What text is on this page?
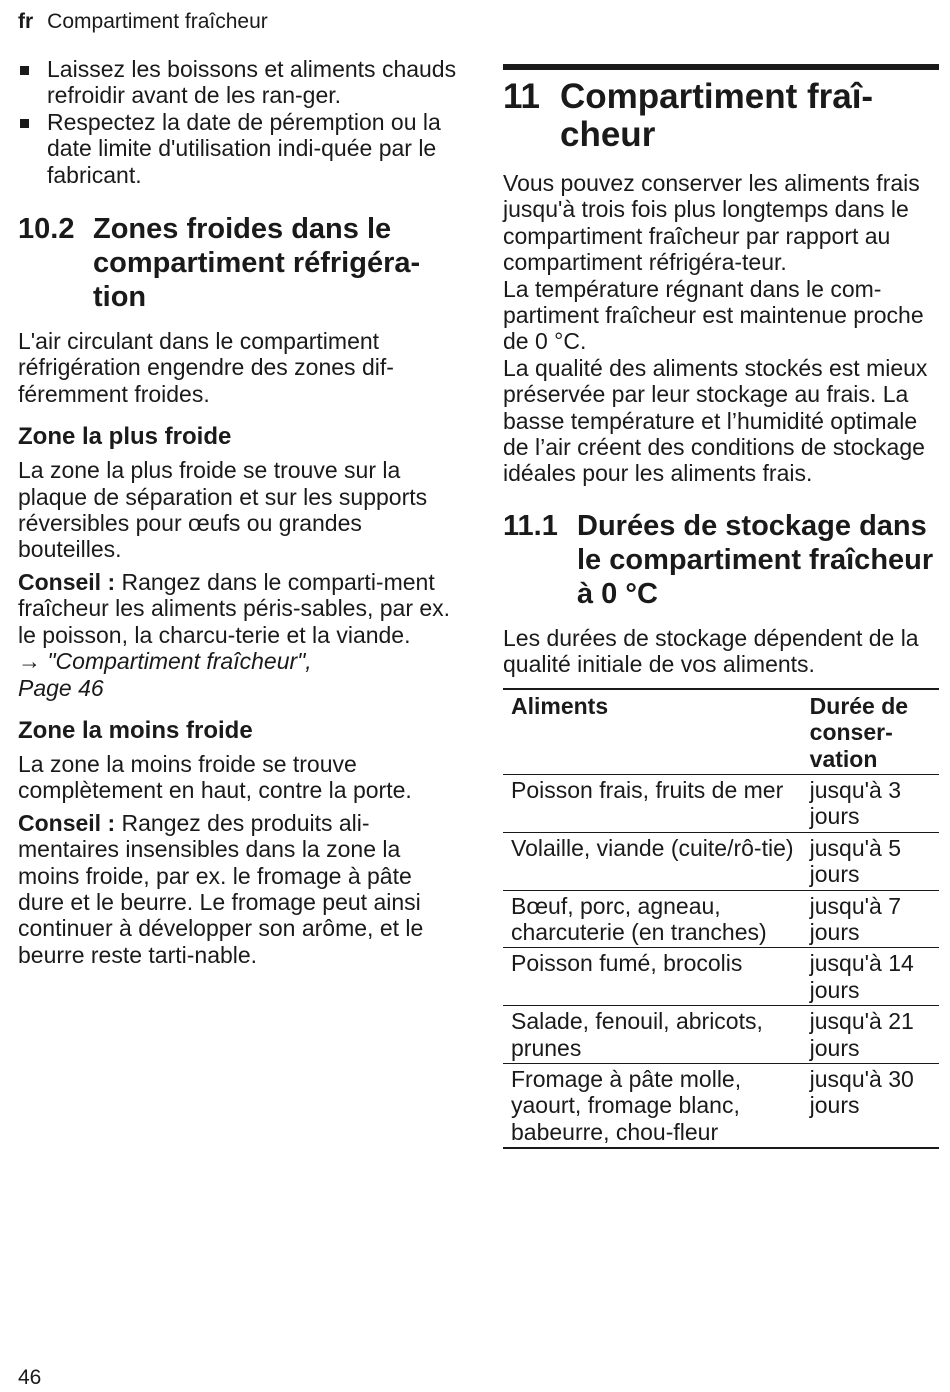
fr Compartiment fraîcheur
Laissez les boissons et aliments chauds refroidir avant de les ran-ger.
Respectez la date de péremption ou la date limite d'utilisation indi-quée par le fabricant.
10.2 Zones froides dans le compartiment réfrigéra-tion

L'air circulant dans le compartiment réfrigération engendre des zones dif-féremment froides.

Zone la plus froide

La zone la plus froide se trouve sur la plaque de séparation et sur les supports réversibles pour œufs ou grandes bouteilles.

Conseil : Rangez dans le comparti-ment fraîcheur les aliments péris-sables, par ex. le poisson, la charcu-terie et la viande.

→ "Compartiment fraîcheur",

Page 46

Zone la moins froide

La zone la moins froide se trouve complètement en haut, contre la porte.

Conseil : Rangez des produits ali-mentaires insensibles dans la zone la moins froide, par ex. le fromage à pâte dure et le beurre. Le fromage peut ainsi continuer à développer son arôme, et le beurre reste tarti-nable.

11 Compartiment fraî-cheur

Vous pouvez conserver les aliments frais jusqu'à trois fois plus longtemps dans le compartiment fraîcheur par rapport au compartiment réfrigéra-teur.

La température régnant dans le com-partiment fraîcheur est maintenue proche de 0 °C.

La qualité des aliments stockés est mieux préservée par leur stockage au frais. La basse température et l’humidité optimale de l’air créent des conditions de stockage idéales pour les aliments frais.

11.1 Durées de stockage dans le compartiment fraîcheur à 0 °C

Les durées de stockage dépendent de la qualité initiale de vos aliments.

Aliments	Durée de conser-vation
Poisson frais, fruits de mer	jusqu'à 3 jours
Volaille, viande (cuite/rô-tie)	jusqu'à 5 jours
Bœuf, porc, agneau, charcuterie (en tranches)	jusqu'à 7 jours
Poisson fumé, brocolis	jusqu'à 14 jours
Salade, fenouil, abricots, prunes	jusqu'à 21 jours
Fromage à pâte molle, yaourt, fromage blanc, babeurre, chou-fleur	jusqu'à 30 jours
46
